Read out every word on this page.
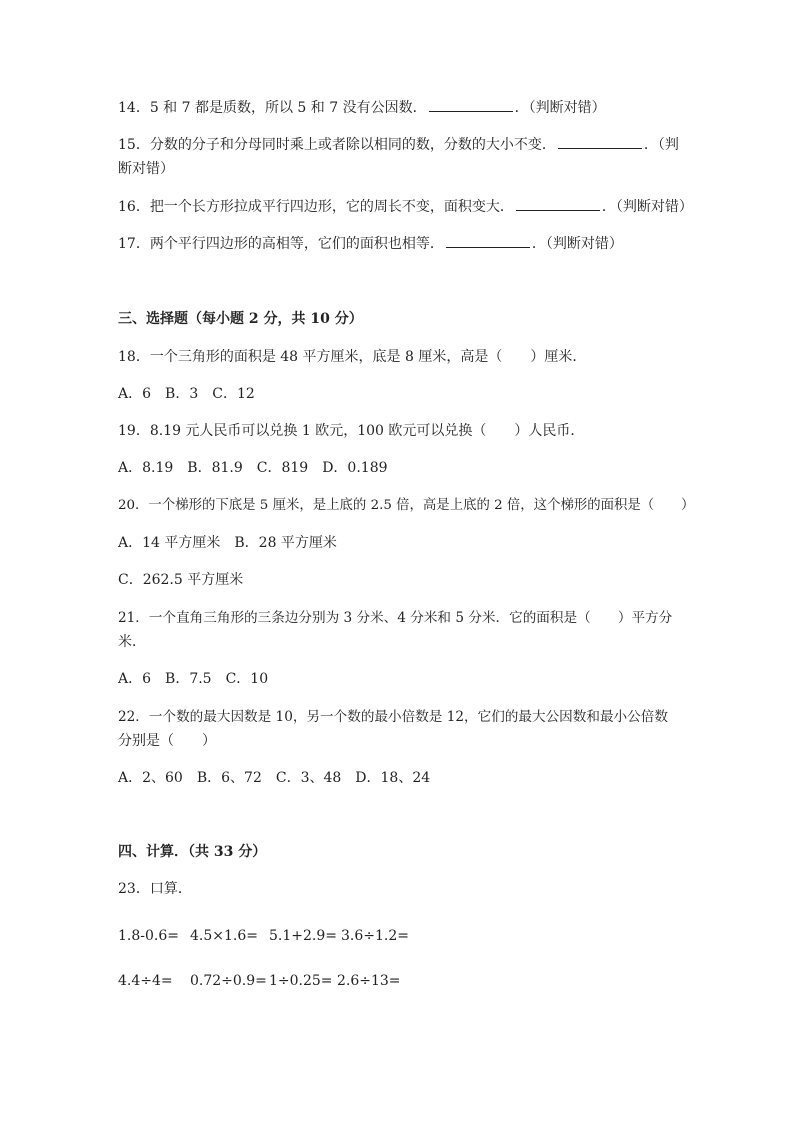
14．5 和 7 都是质数，所以 5 和 7 没有公因数．	．（判断对错）
15．分数的分子和分母同时乘上或者除以相同的数，分数的大小不变．	．（判
断对错）
16．把一个长方形拉成平行四边形，它的周长不变，面积变大．	．（判断对错）
17．两个平行四边形的高相等，它们的面积也相等．	．（判断对错）
三、选择题（每小题 2 分，共 10 分）
18．一个三角形的面积是 48 平方厘米，底是 8 厘米，高是（　　）厘米．
A．6 B．3 C．12
19．8.19 元人民币可以兑换 1 欧元，100 欧元可以兑换（　　）人民币．
A．8.19 B．81.9 C．819 D．0.189
20．一个梯形的下底是 5 厘米，是上底的 2.5 倍，高是上底的 2 倍，这个梯形的面积是（　　）
A．14 平方厘米 B．28 平方厘米
C．262.5 平方厘米
21．一个直角三角形的三条边分别为 3 分米、4 分米和 5 分米．它的面积是（　　）平方分
米．
A．6 B．7.5 C．10
22．一个数的最大因数是 10，另一个数的最小倍数是 12，它们的最大公因数和最小公倍数
分别是（　　）
A．2、60 B．6、72 C．3、48 D．18、24
四、计算．（共 33 分）
23．口算．
1.8-0.6= 4.5×1.6= 5.1+2.9= 3.6÷1.2=
4.4÷4= 0.72÷0.9= 1÷0.25= 2.6÷13=
